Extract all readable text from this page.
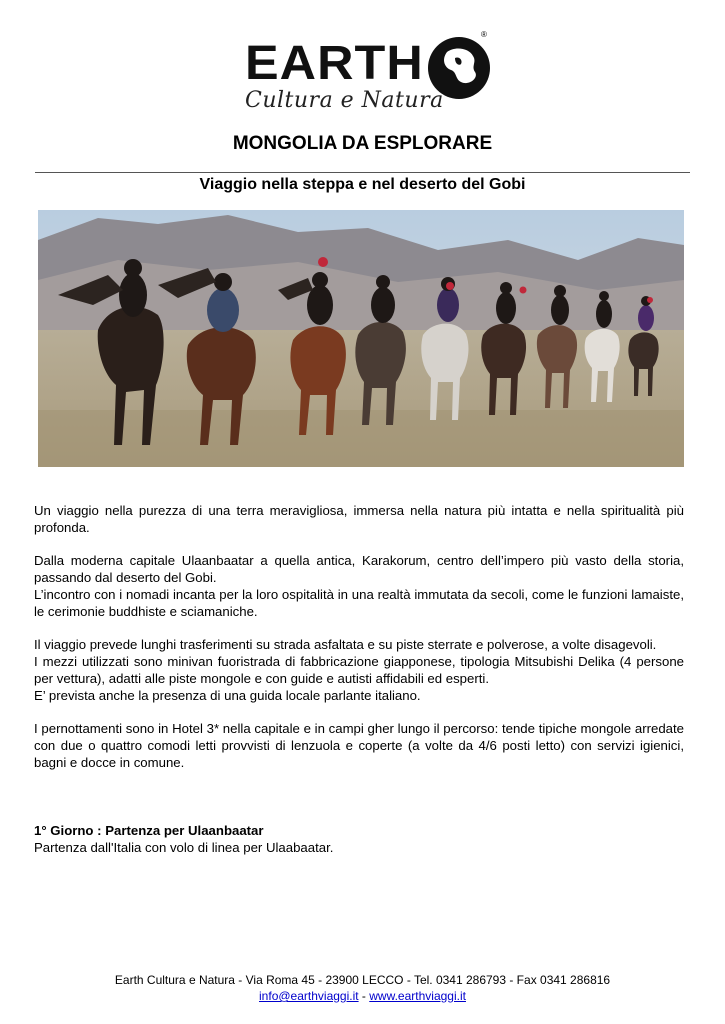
EARTH
®
Cultura e Natura
MONGOLIA DA ESPLORARE
Viaggio nella steppa e nel deserto del Gobi

Un viaggio nella purezza di una terra meravigliosa, immersa nella natura più intatta e nella spiritualità più profonda.

Dalla moderna capitale Ulaanbaatar a quella antica, Karakorum, centro dell’impero più vasto della storia, passando dal deserto del Gobi.

L’incontro con i nomadi incanta per la loro ospitalità in una realtà immutata da secoli, come le funzioni lamaiste, le cerimonie buddhiste e sciamaniche.

Il viaggio prevede lunghi trasferimenti su strada asfaltata e su piste sterrate e polverose, a volte disagevoli.

I mezzi utilizzati sono minivan fuoristrada di fabbricazione giapponese, tipologia Mitsubishi Delika (4 persone per vettura), adatti alle piste mongole e con guide e autisti affidabili ed esperti.

E’ prevista anche la presenza di una guida locale parlante italiano.

I pernottamenti sono in Hotel 3* nella capitale e in campi gher lungo il percorso: tende tipiche mongole arredate con due o quattro comodi letti provvisti di lenzuola e coperte (a volte da 4/6 posti letto) con servizi igienici, bagni e docce in comune.

1° Giorno : Partenza per Ulaanbaatar
Partenza dall'Italia con volo di linea per Ulaabaatar.
Earth Cultura e Natura - Via Roma 45 - 23900 LECCO - Tel. 0341 286793 - Fax 0341 286816
info@earthviaggi.it - www.earthviaggi.it
